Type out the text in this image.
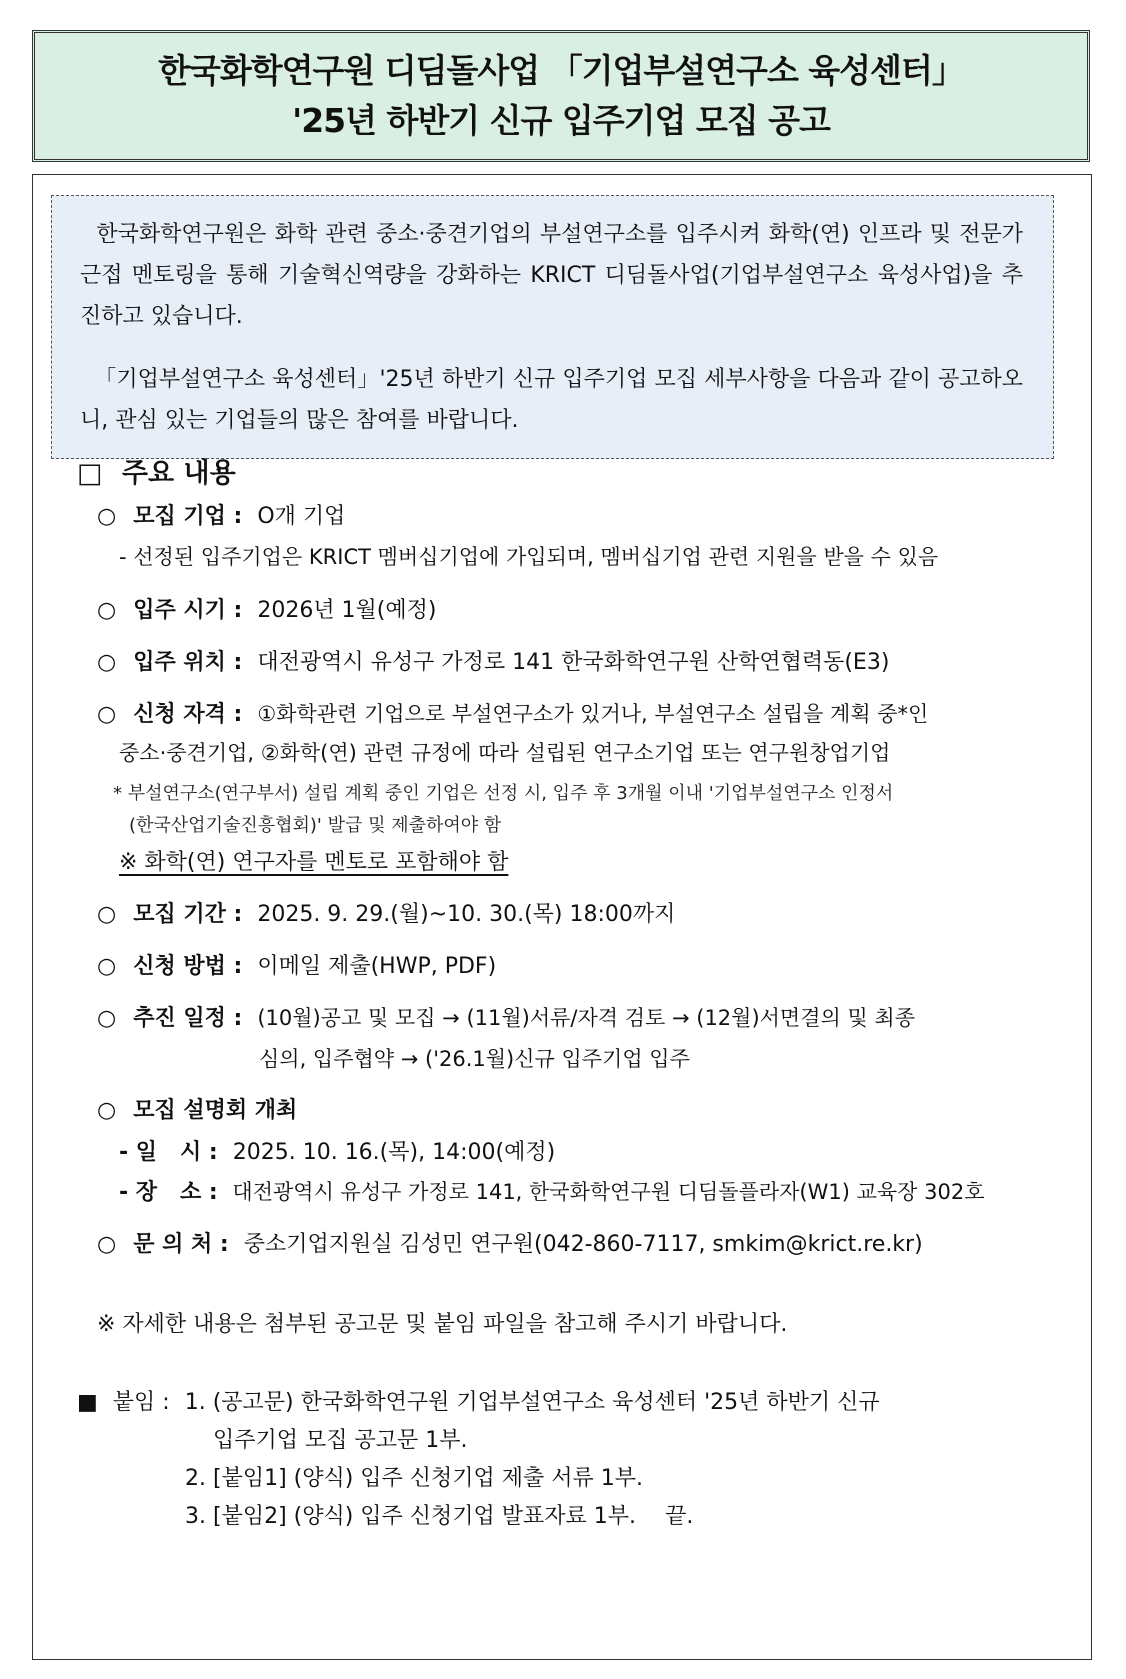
한국화학연구원 디딤돌사업 「기업부설연구소 육성센터」
'25년 하반기 신규 입주기업 모집 공고

한국화학연구원은 화학 관련 중소·중견기업의 부설연구소를 입주시켜 화학(연) 인프라 및 전문가 근접 멘토링을 통해 기술혁신역량을 강화하는 KRICT 디딤돌사업(기업부설연구소 육성사업)을 추진하고 있습니다.

「기업부설연구소 육성센터」'25년 하반기 신규 입주기업 모집 세부사항을 다음과 같이 공고하오니, 관심 있는 기업들의 많은 참여를 바랍니다.

□ 주요 내용
○ 모집 기업 : O개 기업
- 선정된 입주기업은 KRICT 멤버십기업에 가입되며, 멤버십기업 관련 지원을 받을 수 있음
○ 입주 시기 : 2026년 1월(예정)
○ 입주 위치 : 대전광역시 유성구 가정로 141 한국화학연구원 산학연협력동(E3)
○ 신청 자격 : ①화학관련 기업으로 부설연구소가 있거나, 부설연구소 설립을 계획 중*인
중소·중견기업, ②화학(연) 관련 규정에 따라 설립된 연구소기업 또는 연구원창업기업
* 부설연구소(연구부서) 설립 계획 중인 기업은 선정 시, 입주 후 3개월 이내 '기업부설연구소 인정서
(한국산업기술진흥협회)' 발급 및 제출하여야 함
※ 화학(연) 연구자를 멘토로 포함해야 함
○ 모집 기간 : 2025. 9. 29.(월)~10. 30.(목) 18:00까지
○ 신청 방법 : 이메일 제출(HWP, PDF)
○ 추진 일정 : (10월)공고 및 모집 → (11월)서류/자격 검토 → (12월)서면결의 및 최종
심의, 입주협약 → ('26.1월)신규 입주기업 입주
○ 모집 설명회 개최
- 일   시 : 2025. 10. 16.(목), 14:00(예정)
- 장   소 : 대전광역시 유성구 가정로 141, 한국화학연구원 디딤돌플라자(W1) 교육장 302호
○ 문 의 처 : 중소기업지원실 김성민 연구원(042-860-7117, smkim@krict.re.kr)
※ 자세한 내용은 첨부된 공고문 및 붙임 파일을 참고해 주시기 바랍니다.
■ 붙임 : 1. (공고문) 한국화학연구원 기업부설연구소 육성센터 '25년 하반기 신규
입주기업 모집 공고문 1부.
2. [붙임1] (양식) 입주 신청기업 제출 서류 1부.
3. [붙임2] (양식) 입주 신청기업 발표자료 1부. 끝.
